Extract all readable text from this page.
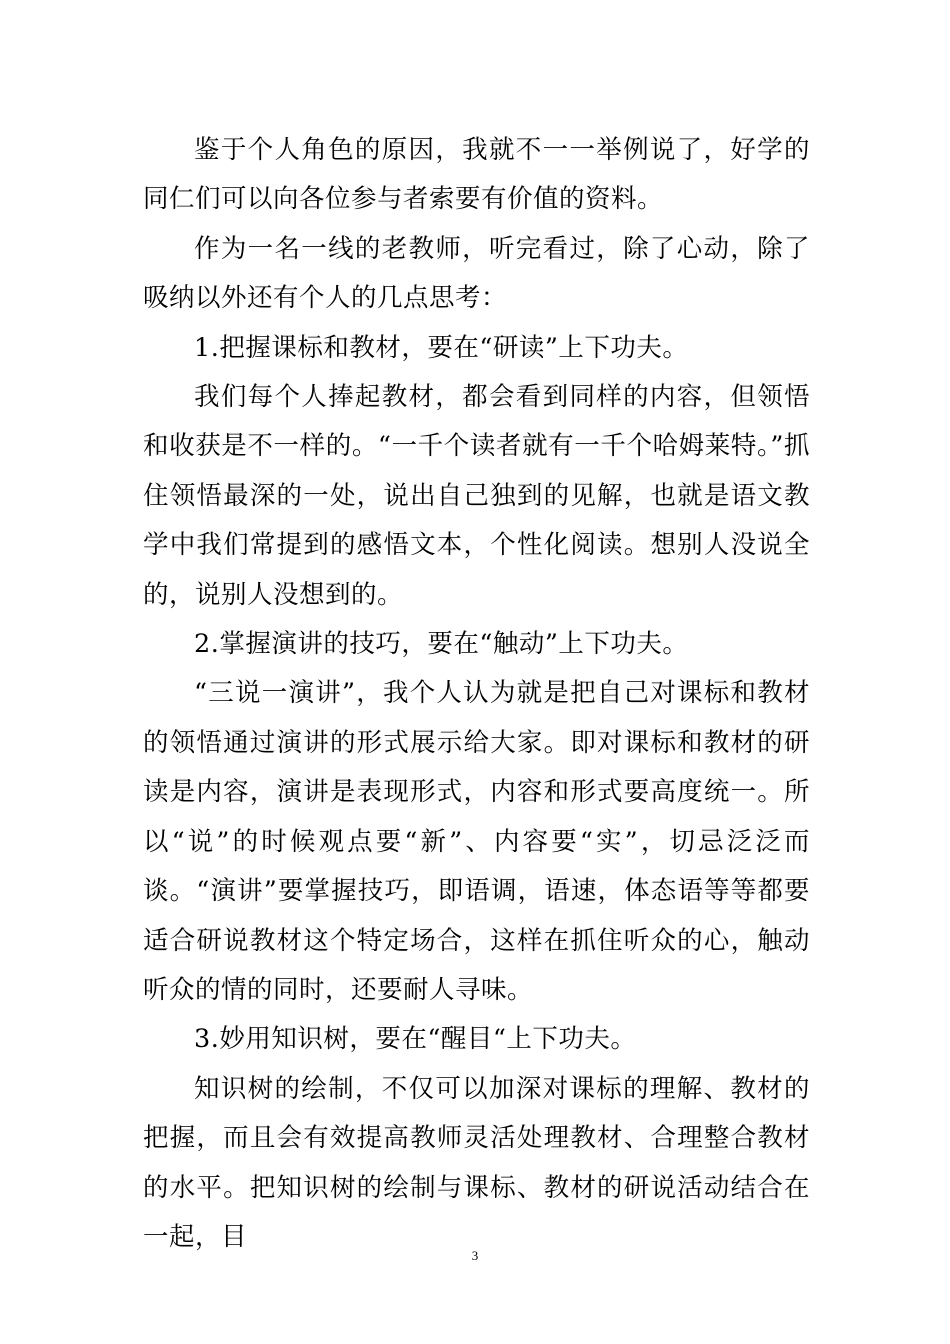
鉴于个人角色的原因，我就不一一举例说了，好学的同仁们可以向各位参与者索要有价值的资料。

作为一名一线的老教师，听完看过，除了心动，除了吸纳以外还有个人的几点思考：

1.把握课标和教材，要在“研读”上下功夫。

我们每个人捧起教材，都会看到同样的内容，但领悟和收获是不一样的。“一千个读者就有一千个哈姆莱特。”抓住领悟最深的一处，说出自己独到的见解，也就是语文教学中我们常提到的感悟文本，个性化阅读。想别人没说全的，说别人没想到的。

2.掌握演讲的技巧，要在“触动”上下功夫。

“三说一演讲”，我个人认为就是把自己对课标和教材的领悟通过演讲的形式展示给大家。即对课标和教材的研读是内容，演讲是表现形式，内容和形式要高度统一。所以“说”的时候观点要“新”、内容要“实”，切忌泛泛而谈。“演讲”要掌握技巧，即语调，语速，体态语等等都要适合研说教材这个特定场合，这样在抓住听众的心，触动听众的情的同时，还要耐人寻味。

3.妙用知识树，要在“醒目“上下功夫。

知识树的绘制，不仅可以加深对课标的理解、教材的把握，而且会有效提高教师灵活处理教材、合理整合教材的水平。把知识树的绘制与课标、教材的研说活动结合在一起，目

3
